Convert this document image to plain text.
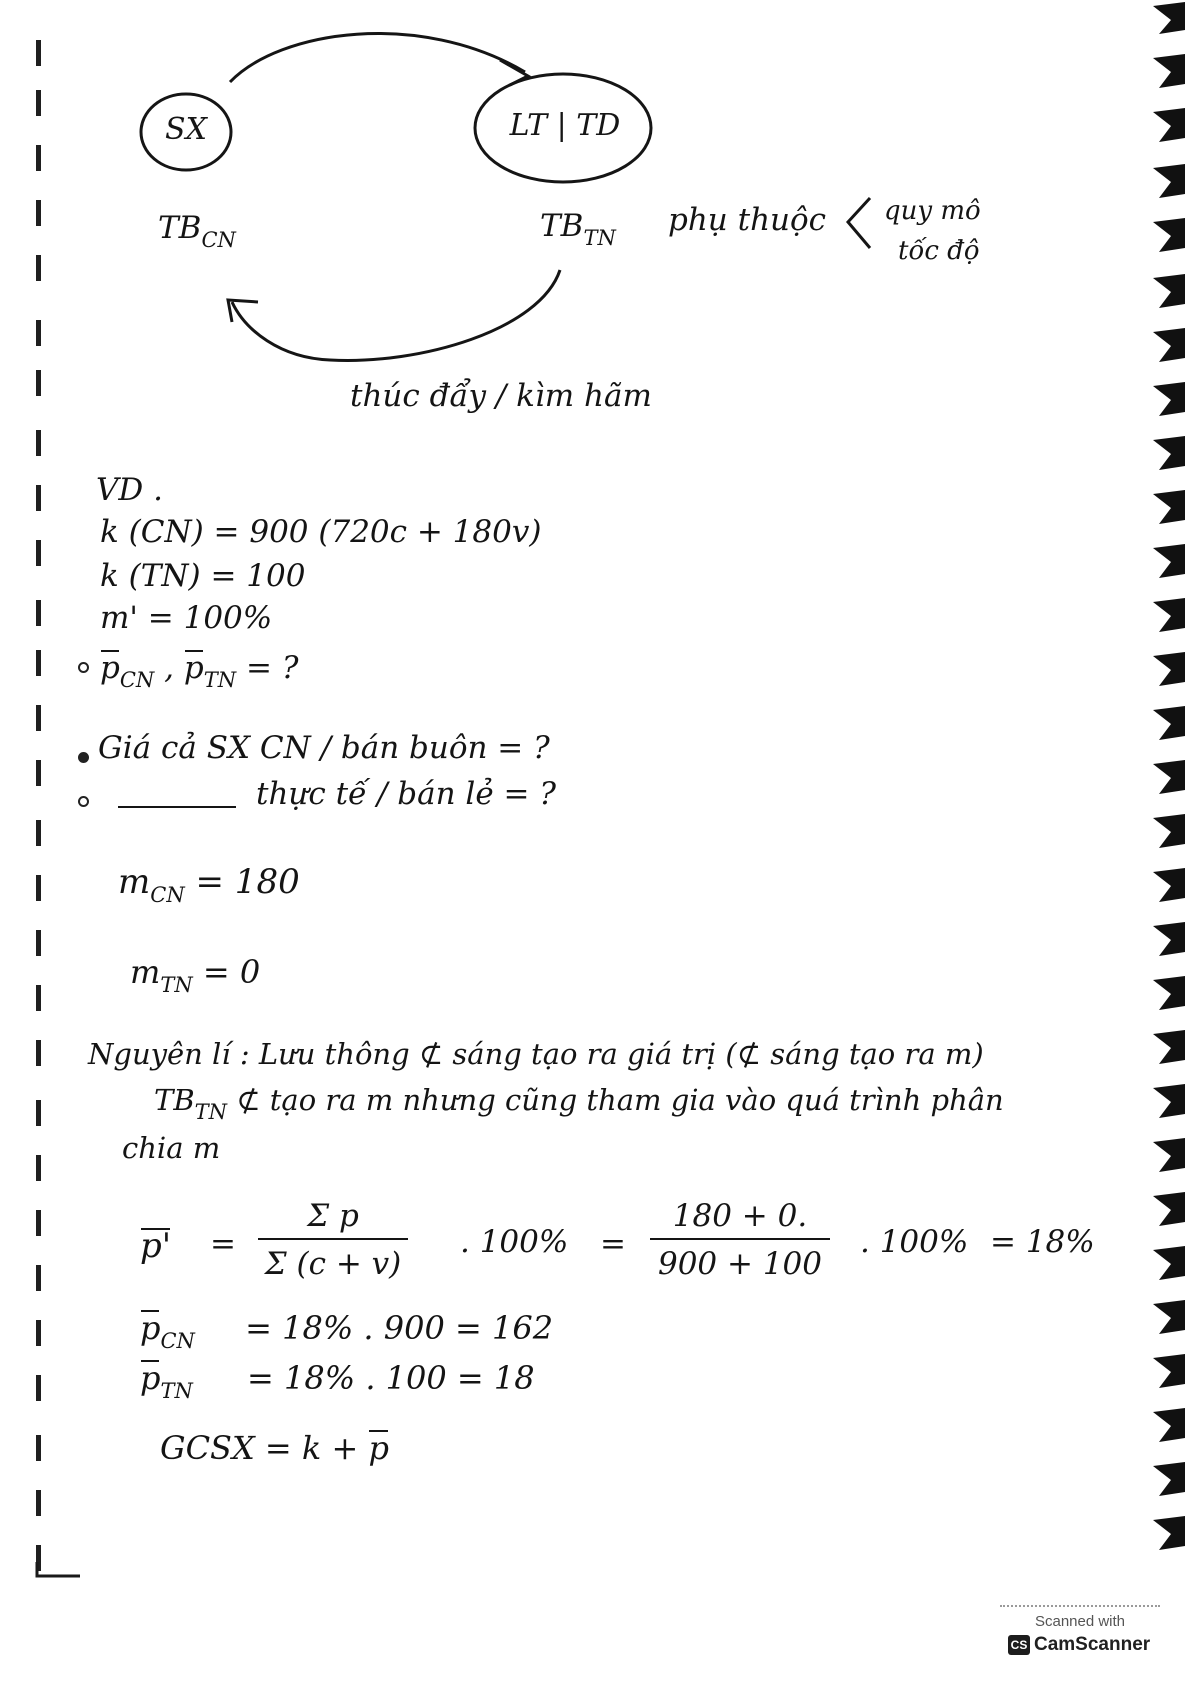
SX	LT | TD
$TB_{CN}$	$TB_{TN}$ phụ thuộc quy mô
tốc độ
thúc đẩy / kìm hãm
VD .
k (CN) = 900 (720c + 180v)
k (TN) = 100
m' = 100%
$p_{CN}$ , $p_{TN}$ = ?
Giá cả SX CN / bán buôn = ?
thực tế / bán lẻ = ?
$m_{CN} = 180$
$m_{TN} = 0$
Nguyên lí : Lưu thông ⊄ sáng tạo ra giá trị (⊄ sáng tạo ra m)
$TB_{TN}$ ⊄ tạo ra m nhưng cũng tham gia vào quá trình phân
chia m
p' =
Σ p
Σ (c + v)
. 100% =
180 + 0.
900 + 100
. 100% = 18%
$p_{CN} = 18\%$ . 900 = 162
$p_{TN} = 18\%$ . 100 = 18
GCSX = k + p
Scanned with
CS CamScanner
